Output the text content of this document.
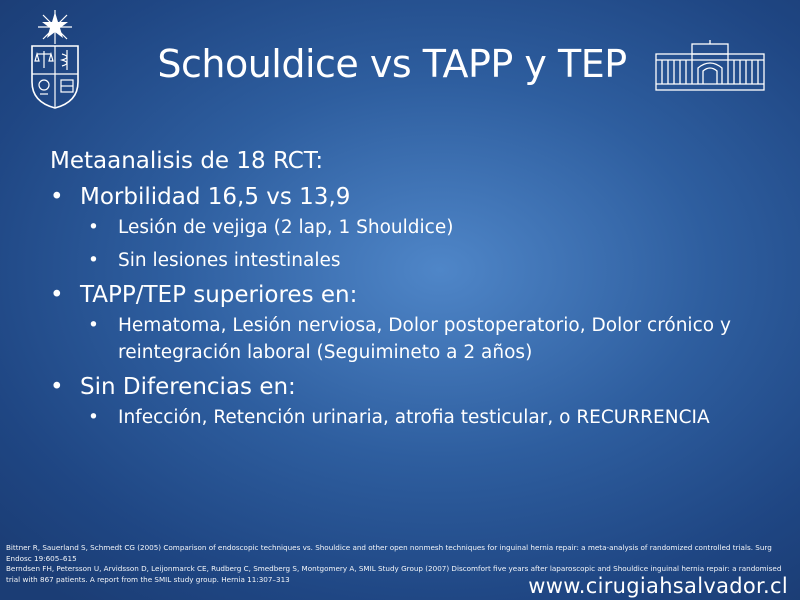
Schouldice vs TAPP y TEP
Metaanalisis de 18 RCT:
• Morbilidad 16,5 vs 13,9
• Lesión de vejiga (2 lap, 1 Shouldice)
• Sin lesiones intestinales
• TAPP/TEP superiores en:
• Hematoma, Lesión nerviosa, Dolor postoperatorio, Dolor crónico y reintegración laboral (Seguimineto a 2 años)
• Sin Diferencias en:
• Infección, Retención urinaria, atrofia testicular, o RECURRENCIA
Bittner R, Sauerland S, Schmedt CG (2005) Comparison of endoscopic techniques vs. Shouldice and other open nonmesh techniques for inguinal hernia repair: a meta-analysis of randomized controlled trials. Surg Endosc 19:605–615
Berndsen FH, Petersson U, Arvidsson D, Leijonmarck CE, Rudberg C, Smedberg S, Montgomery A, SMIL Study Group (2007) Discomfort five years after laparoscopic and Shouldice inguinal hernia repair: a randomised trial with 867 patients. A report from the SMIL study group. Hernia 11:307–313	www.cirugiahsalvador.cl
